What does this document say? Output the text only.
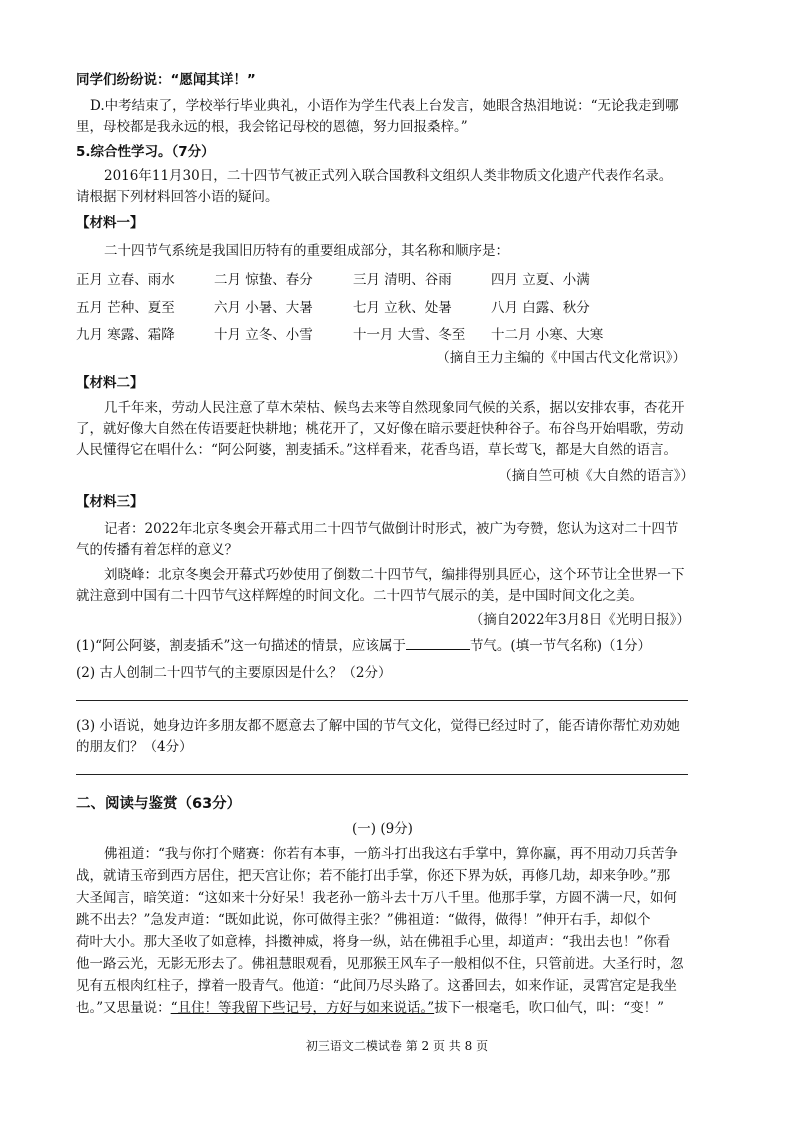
同学们纷纷说：“愿闻其详！”
D.中考结束了，学校举行毕业典礼，小语作为学生代表上台发言，她眼含热泪地说：“无论我走到哪
里，母校都是我永远的根，我会铭记母校的恩德，努力回报桑梓。”
5.综合性学习。（7分）
2016年11月30日，二十四节气被正式列入联合国教科文组织人类非物质文化遗产代表作名录。
请根据下列材料回答小语的疑问。
【材料一】
二十四节气系统是我国旧历特有的重要组成部分，其名称和顺序是：
正月 立春、雨水	二月 惊蛰、春分	三月 清明、谷雨	四月 立夏、小满
五月 芒种、夏至	六月 小暑、大暑	七月 立秋、处暑	八月 白露、秋分
九月 寒露、霜降	十月 立冬、小雪	十一月 大雪、冬至 十二月 小寒、大寒
（摘自王力主编的《中国古代文化常识》）
【材料二】
几千年来，劳动人民注意了草木荣枯、候鸟去来等自然现象同气候的关系，据以安排农事，杏花开
了，就好像大自然在传语要赶快耕地；桃花开了，又好像在暗示要赶快种谷子。布谷鸟开始唱歌，劳动
人民懂得它在唱什么：“阿公阿婆，割麦插禾。”这样看来，花香鸟语，草长莺飞，都是大自然的语言。
（摘自竺可桢《大自然的语言》）
【材料三】
记者：2022年北京冬奥会开幕式用二十四节气做倒计时形式，被广为夸赞，您认为这对二十四节
气的传播有着怎样的意义？
刘晓峰：北京冬奥会开幕式巧妙使用了倒数二十四节气，编排得别具匠心，这个环节让全世界一下
就注意到中国有二十四节气这样辉煌的时间文化。二十四节气展示的美，是中国时间文化之美。
（摘自2022年3月8日《光明日报》）
(1)“阿公阿婆，割麦插禾”这一句描述的情景，应该属于	节气。(填一节气名称)（1分）
(2) 古人创制二十四节气的主要原因是什么？（2分）
(3) 小语说，她身边许多朋友都不愿意去了解中国的节气文化，觉得已经过时了，能否请你帮忙劝劝她
的朋友们？（4分）
二、阅读与鉴赏（63分）
(一) (9分)
佛祖道：“我与你打个赌赛：你若有本事，一筋斗打出我这右手掌中，算你赢，再不用动刀兵苦争
战，就请玉帝到西方居住，把天宫让你；若不能打出手掌，你还下界为妖，再修几劫，却来争吵。”那
大圣闻言，暗笑道：“这如来十分好呆！我老孙一筋斗去十万八千里。他那手掌，方圆不满一尺，如何
跳不出去？”急发声道：“既如此说，你可做得主张？”佛祖道：“做得，做得！”伸开右手，却似个
荷叶大小。那大圣收了如意棒，抖擞神威，将身一纵，站在佛祖手心里，却道声：“我出去也！”你看
他一路云光，无影无形去了。佛祖慧眼观看，见那猴王风车子一般相似不住，只管前进。大圣行时，忽
见有五根肉红柱子，撑着一股青气。他道：“此间乃尽头路了。这番回去，如来作证，灵霄宫定是我坐
也。”又思量说：“且住！等我留下些记号，方好与如来说话。”拔下一根毫毛，吹口仙气，叫：“变！”
初三语文二模试卷 第 2 页 共 8 页
